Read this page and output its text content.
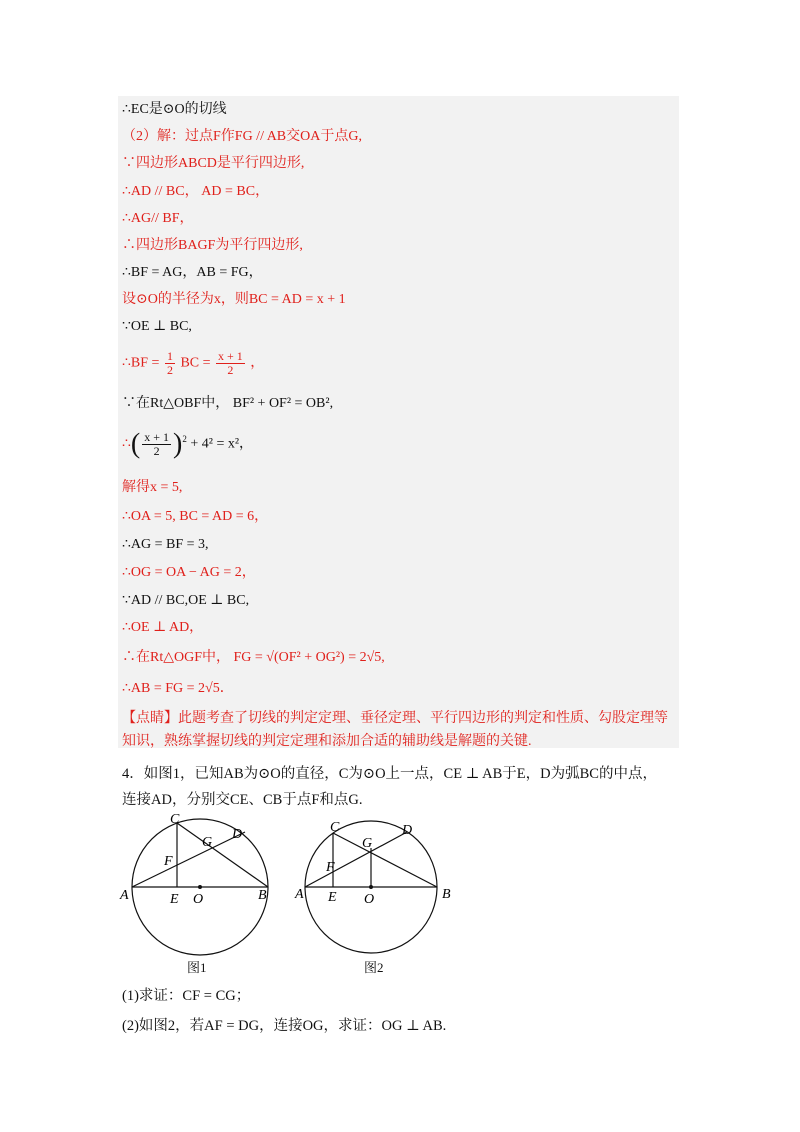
∴EC是⊙O的切线
（2）解：过点F作FG // AB交OA于点G,
∵四边形ABCD是平行四边形,
∴AD // BC， AD = BC，
∴AG// BF，
∴四边形BAGF为平行四边形,
∴BF = AG，AB = FG，
设⊙O的半径为x，则BC = AD = x + 1
∵OE ⊥ BC,
∴BF = $\frac{1}{2}$ BC = $\frac{x + 1}{2}$ ，
∵在Rt△OBF中， BF² + OF² = OB²,
∴( $\frac{x + 1}{2} )^2 + 4^2 = x^2$，
解得x = 5,
∴OA = 5, BC = AD = 6，
∴AG = BF = 3,
∴OG = OA − AG = 2，
∵AD // BC,OE ⊥ BC,
∴OE ⊥ AD，
∴在Rt△OGF中， FG = √(OF² + OG²) = 2√5,
∴AB = FG = 2√5．
【点睛】此题考查了切线的判定定理、垂径定理、平行四边形的判定和性质、勾股定理等
知识，熟练掌握切线的判定定理和添加合适的辅助线是解题的关键.
4．如图1，已知AB为⊙O的直径，C为⊙O上一点，CE ⊥ AB于E，D为弧BC的中点，
连接AD，分别交CE、CB于点F和点G.
A	B
C
D
E
F
G
O
图1
A	B
C	D
E
F
G
O
图2
(1)求证：CF = CG；
(2)如图2，若AF = DG，连接OG，求证：OG ⊥ AB.
